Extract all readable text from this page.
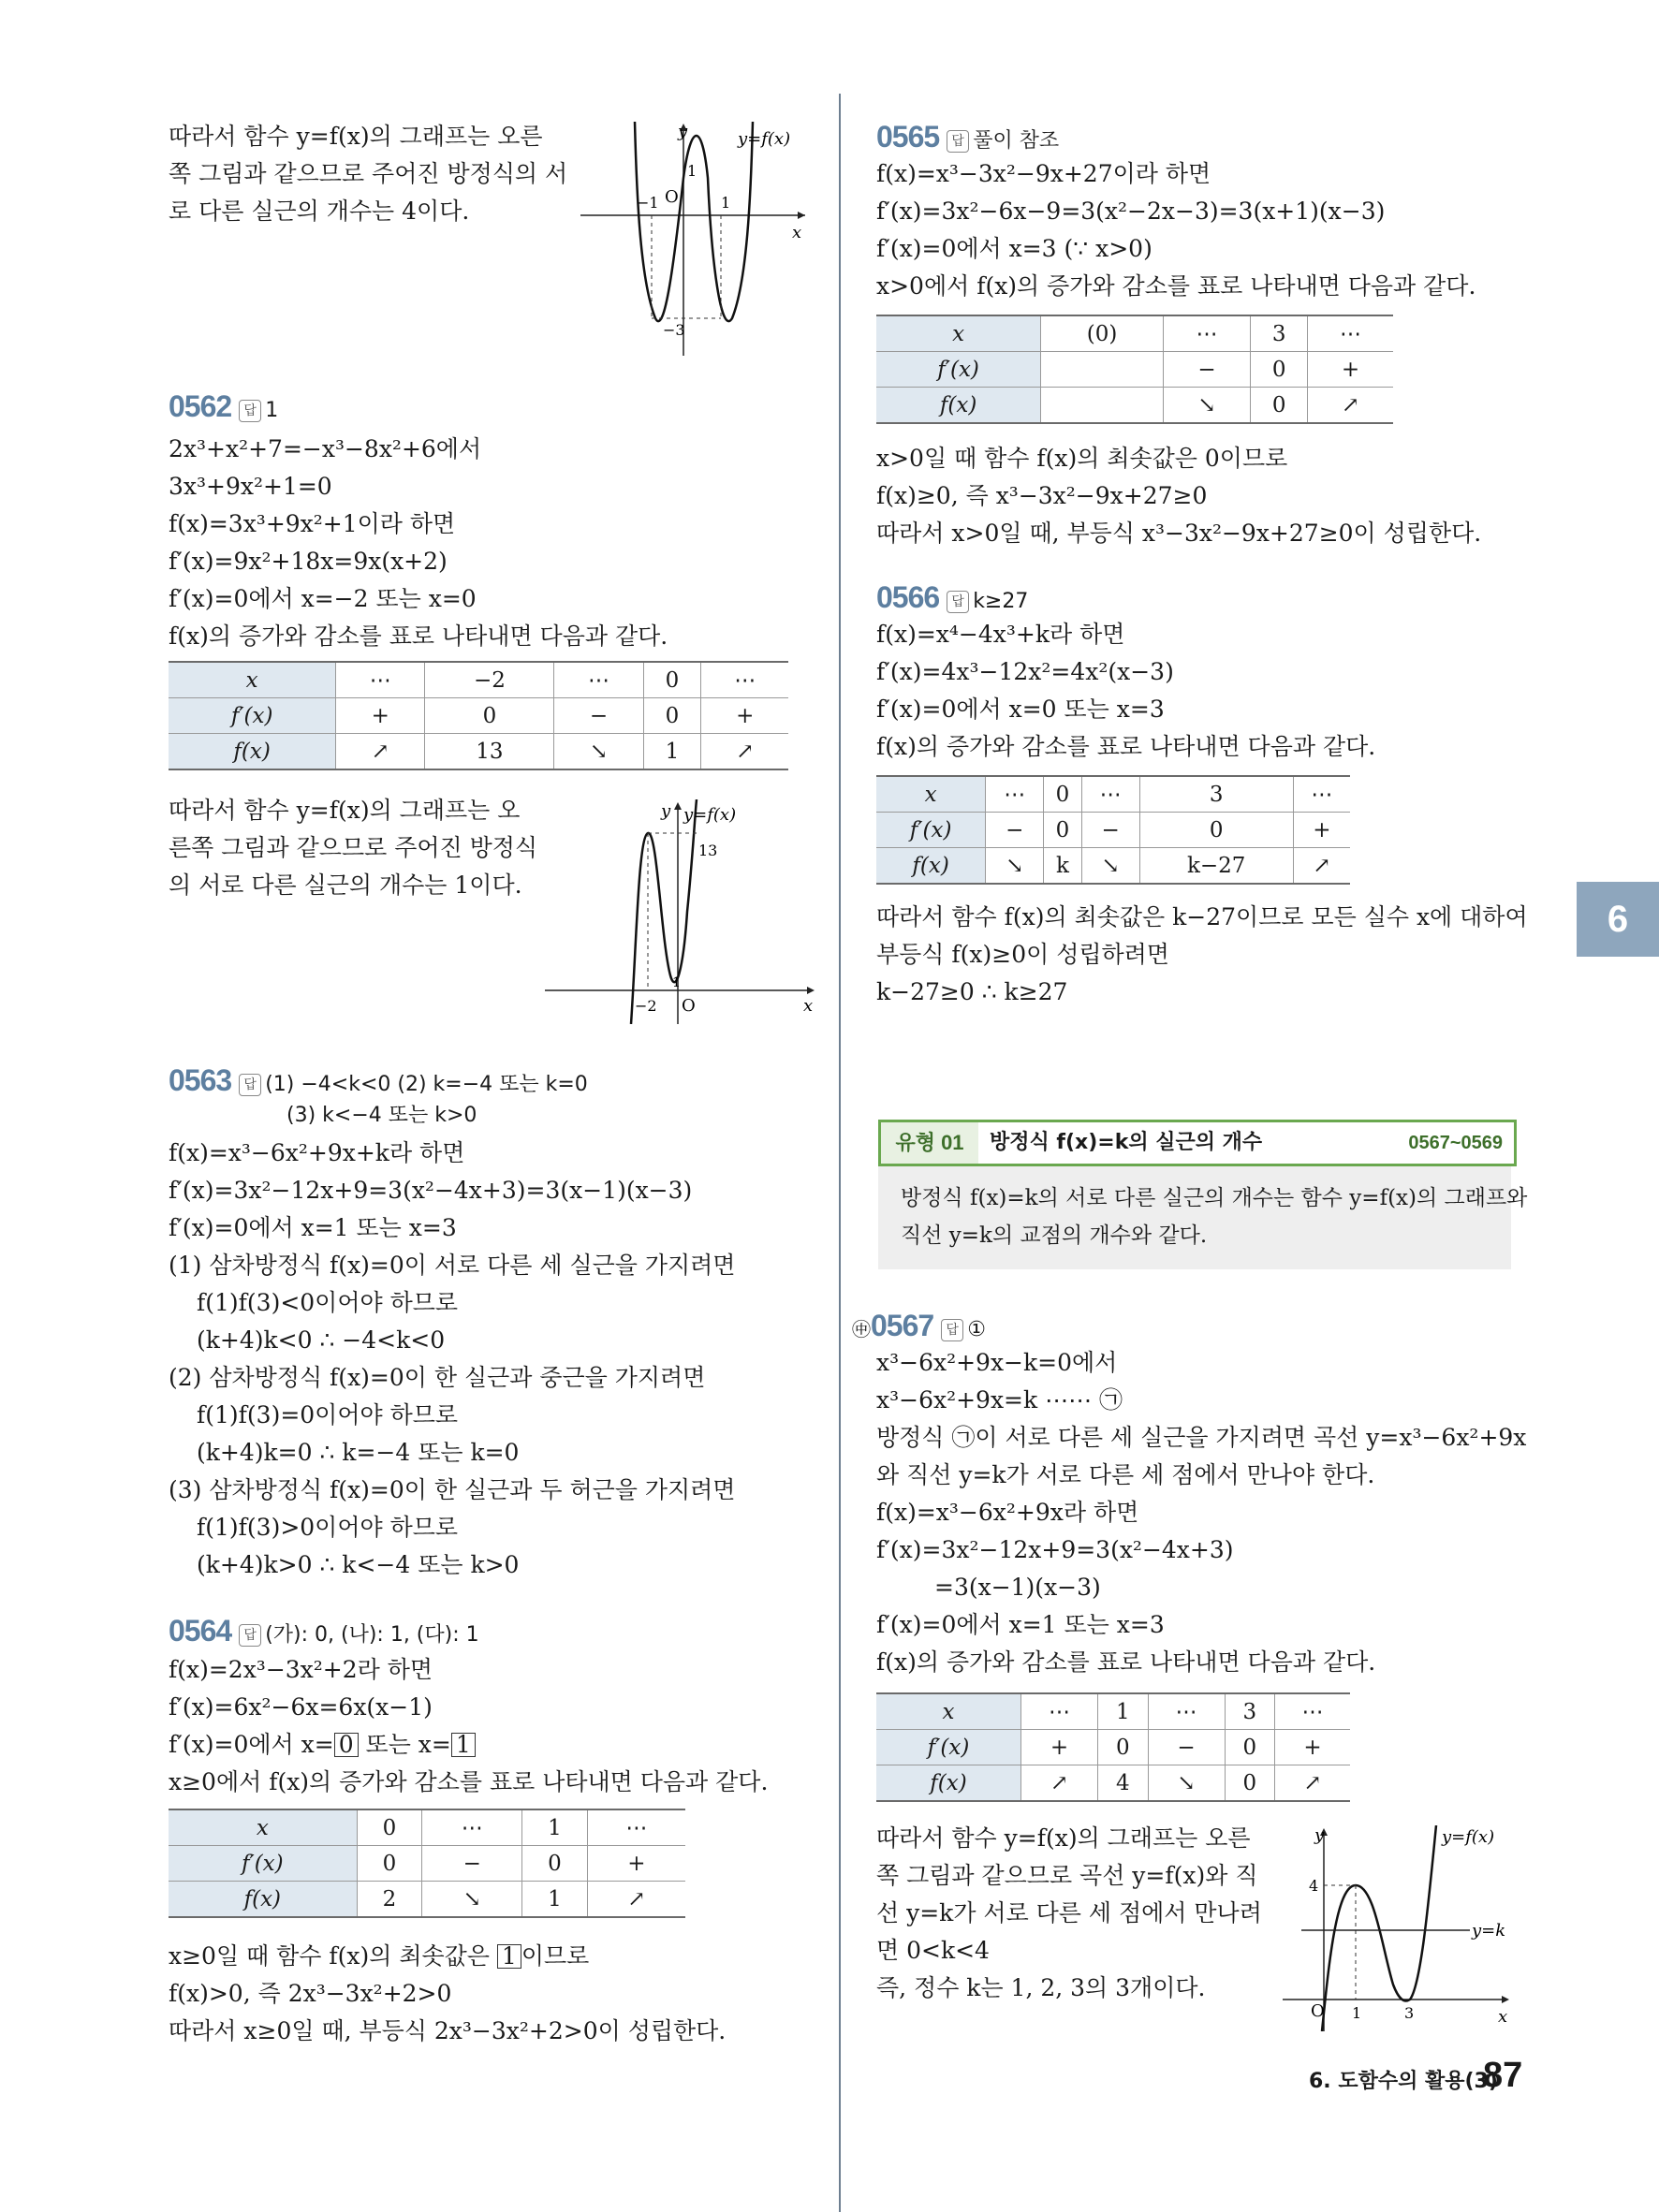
따라서 함수 y=f(x)의 그래프는 오른
쪽 그림과 같으므로 주어진 방정식의 서
로 다른 실근의 개수는 4이다.
y	y=f(x)
x
O
−1	1
1
−3
0562 답 1
2x³+x²+7=−x³−8x²+6에서
3x³+9x²+1=0
f(x)=3x³+9x²+1이라 하면
f′(x)=9x²+18x=9x(x+2)
f′(x)=0에서 x=−2 또는 x=0
f(x)의 증가와 감소를 표로 나타내면 다음과 같다.
x	⋯	−2	⋯	0	⋯
f′(x)	+	0	−	0	+
f(x)	↗	13	↘	1	↗
따라서 함수 y=f(x)의 그래프는 오
른쪽 그림과 같으므로 주어진 방정식
의 서로 다른 실근의 개수는 1이다.
y y=f(x)
13
x
O
−2
1
0563 답 (1) −4<k<0 (2) k=−4 또는 k=0
(3) k<−4 또는 k>0
f(x)=x³−6x²+9x+k라 하면
f′(x)=3x²−12x+9=3(x²−4x+3)=3(x−1)(x−3)
f′(x)=0에서 x=1 또는 x=3
(1) 삼차방정식 f(x)=0이 서로 다른 세 실근을 가지려면
f(1)f(3)<0이어야 하므로
(k+4)k<0 ∴ −4<k<0
(2) 삼차방정식 f(x)=0이 한 실근과 중근을 가지려면
f(1)f(3)=0이어야 하므로
(k+4)k=0 ∴ k=−4 또는 k=0
(3) 삼차방정식 f(x)=0이 한 실근과 두 허근을 가지려면
f(1)f(3)>0이어야 하므로
(k+4)k>0 ∴ k<−4 또는 k>0
0564 답 (가): 0, (나): 1, (다): 1
f(x)=2x³−3x²+2라 하면
f′(x)=6x²−6x=6x(x−1)
f′(x)=0에서 x= 0 또는 x= 1
x≥0에서 f(x)의 증가와 감소를 표로 나타내면 다음과 같다.
x	0	⋯	1	⋯
f′(x)	0	−	0	+
f(x)	2	↘	1	↗
x≥0일 때 함수 f(x)의 최솟값은 1 이므로
f(x)>0, 즉 2x³−3x²+2>0
따라서 x≥0일 때, 부등식 2x³−3x²+2>0이 성립한다.
0565 답 풀이 참조
f(x)=x³−3x²−9x+27이라 하면
f′(x)=3x²−6x−9=3(x²−2x−3)=3(x+1)(x−3)
f′(x)=0에서 x=3 (∵ x>0)
x>0에서 f(x)의 증가와 감소를 표로 나타내면 다음과 같다.
x	(0)	⋯	3	⋯
f′(x)		−	0	+
f(x)		↘	0	↗
x>0일 때 함수 f(x)의 최솟값은 0이므로
f(x)≥0, 즉 x³−3x²−9x+27≥0
따라서 x>0일 때, 부등식 x³−3x²−9x+27≥0이 성립한다.
0566 답 k≥27
f(x)=x⁴−4x³+k라 하면
f′(x)=4x³−12x²=4x²(x−3)
f′(x)=0에서 x=0 또는 x=3
f(x)의 증가와 감소를 표로 나타내면 다음과 같다.
x	⋯	0	⋯	3	⋯
f′(x)	−	0	−	0	+
f(x)	↘	k	↘	k−27	↗
따라서 함수 f(x)의 최솟값은 k−27이므로 모든 실수 x에 대하여
부등식 f(x)≥0이 성립하려면
k−27≥0 ∴ k≥27
유형 01	방정식 f(x)=k의 실근의 개수	0567~0569
방정식 f(x)=k의 서로 다른 실근의 개수는 함수 y=f(x)의 그래프와
직선 y=k의 교점의 개수와 같다.
㊥0567 답 ①
x³−6x²+9x−k=0에서
x³−6x²+9x=k ⋯⋯ ㉠
방정식 ㉠이 서로 다른 세 실근을 가지려면 곡선 y=x³−6x²+9x
와 직선 y=k가 서로 다른 세 점에서 만나야 한다.
f(x)=x³−6x²+9x라 하면
f′(x)=3x²−12x+9=3(x²−4x+3)
=3(x−1)(x−3)
f′(x)=0에서 x=1 또는 x=3
f(x)의 증가와 감소를 표로 나타내면 다음과 같다.
x	⋯	1	⋯	3	⋯
f′(x)	+	0	−	0	+
f(x)	↗	4	↘	0	↗
따라서 함수 y=f(x)의 그래프는 오른
쪽 그림과 같으므로 곡선 y=f(x)와 직
선 y=k가 서로 다른 세 점에서 만나려
면 0<k<4
즉, 정수 k는 1, 2, 3의 3개이다.
y	y=f(x)
y=k
4
O 1	3	x
6
6. 도함수의 활용(3)
87
